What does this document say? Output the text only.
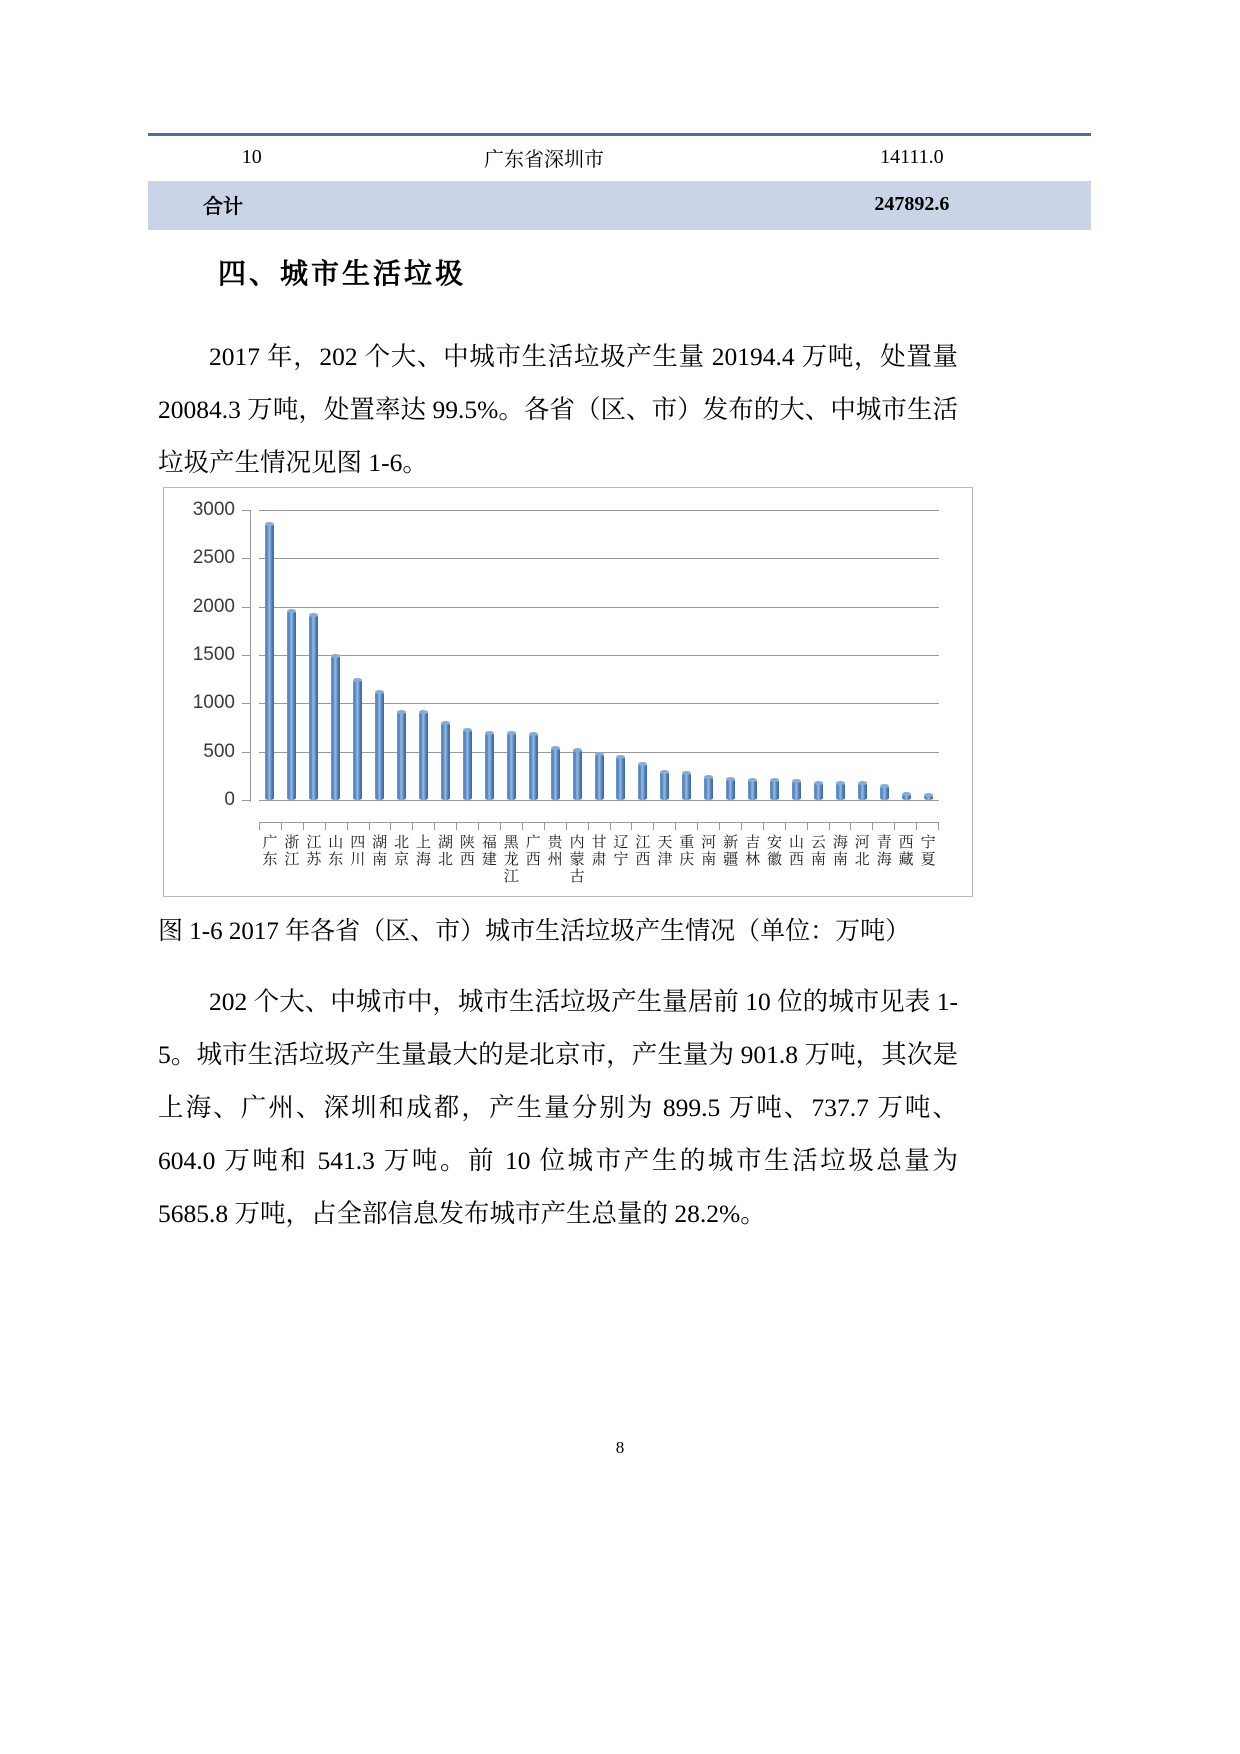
10	广东省深圳市	14111.0
合计		247892.6
四、城市生活垃圾
2017 年，202 个大、中城市生活垃圾产生量 20194.4 万吨，处置量 20084.3 万吨，处置率达 99.5%。各省（区、市）发布的大、中城市生活垃圾产生情况见图 1-6。
0
500
1000
1500
2000
2500
3000
广东
浙江
江苏
山东
四川
湖南
北京
上海
湖北
陕西
福建
黑龙江
广西
贵州
内蒙古
甘肃
辽宁
江西
天津
重庆
河南
新疆
吉林
安徽
山西
云南
海南
河北
青海
西藏
宁夏
图 1-6 2017 年各省（区、市）城市生活垃圾产生情况（单位：万吨）
202 个大、中城市中，城市生活垃圾产生量居前 10 位的城市见表 1-5。城市生活垃圾产生量最大的是北京市，产生量为 901.8 万吨，其次是上海、广州、深圳和成都，产生量分别为 899.5 万吨、737.7 万吨、604.0 万吨和 541.3 万吨。前 10 位城市产生的城市生活垃圾总量为 5685.8 万吨，占全部信息发布城市产生总量的 28.2%。
8
